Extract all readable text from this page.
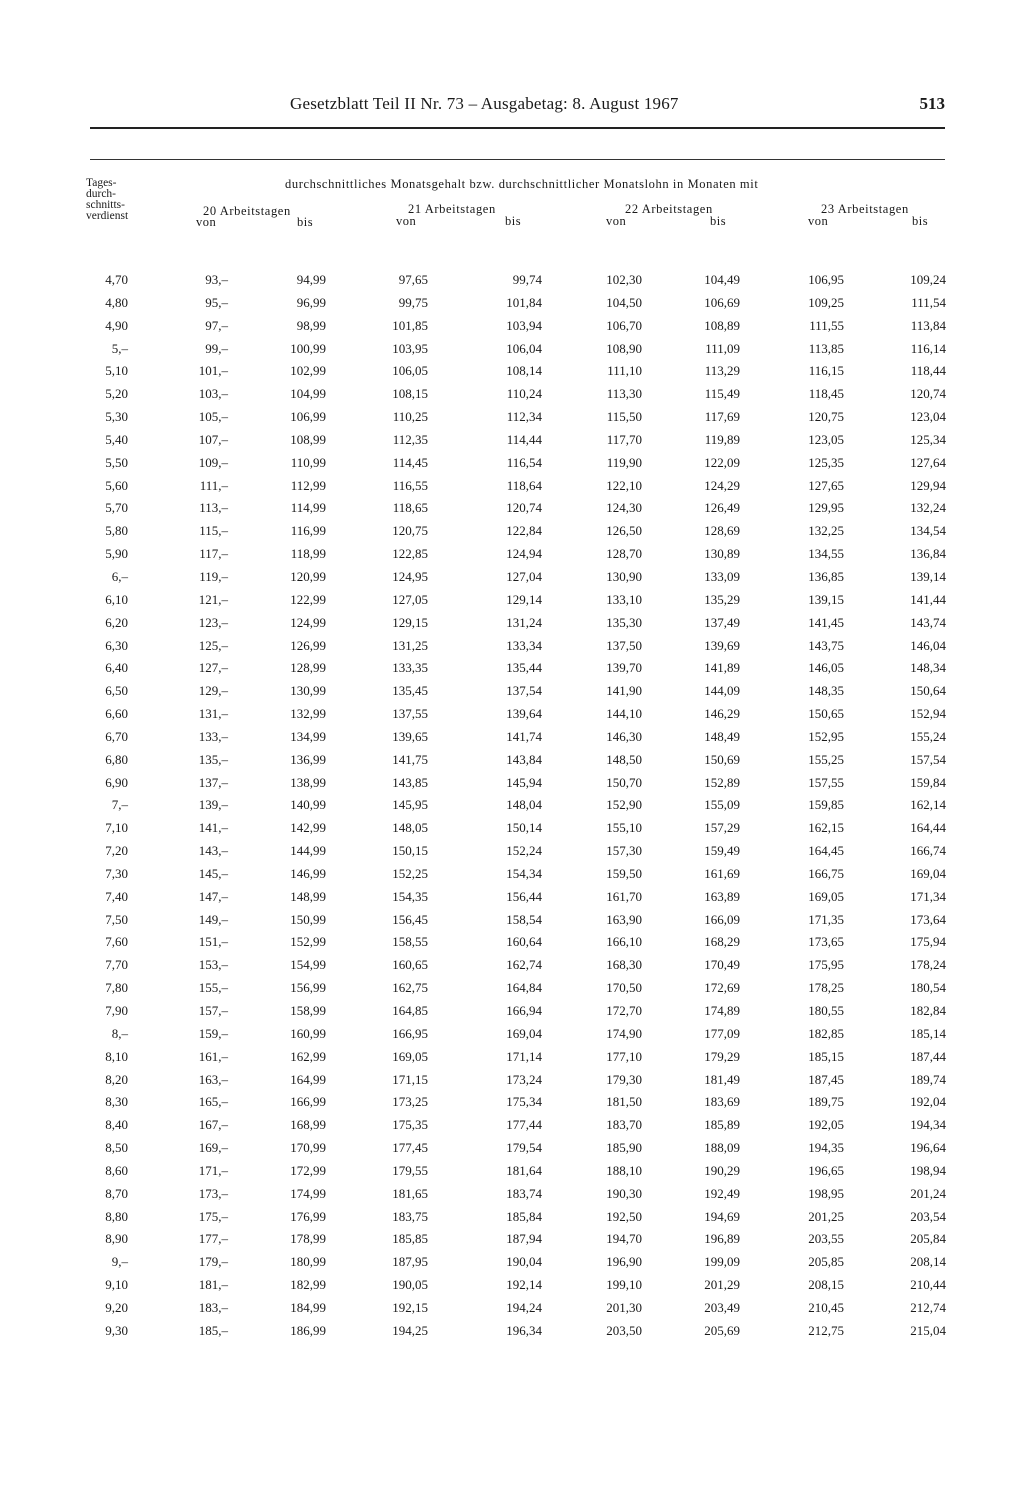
Gesetzblatt Teil II Nr. 73 – Ausgabetag: 8. August 1967	513
Tages-
durch-
schnitts-
verdienst
durchschnittliches Monatsgehalt bzw. durchschnittlicher Monatslohn in Monaten mit
20 Arbeitstagen
von	bis
21 Arbeitstagen
von	bis
22 Arbeitstagen
von	bis
23 Arbeitstagen
von	bis
4,70	93,–	94,99	97,65	99,74	102,30	104,49	106,95	109,24
4,80	95,–	96,99	99,75	101,84	104,50	106,69	109,25	111,54
4,90	97,–	98,99	101,85	103,94	106,70	108,89	111,55	113,84
5,–	99,–	100,99	103,95	106,04	108,90	111,09	113,85	116,14
5,10	101,–	102,99	106,05	108,14	111,10	113,29	116,15	118,44
5,20	103,–	104,99	108,15	110,24	113,30	115,49	118,45	120,74
5,30	105,–	106,99	110,25	112,34	115,50	117,69	120,75	123,04
5,40	107,–	108,99	112,35	114,44	117,70	119,89	123,05	125,34
5,50	109,–	110,99	114,45	116,54	119,90	122,09	125,35	127,64
5,60	111,–	112,99	116,55	118,64	122,10	124,29	127,65	129,94
5,70	113,–	114,99	118,65	120,74	124,30	126,49	129,95	132,24
5,80	115,–	116,99	120,75	122,84	126,50	128,69	132,25	134,54
5,90	117,–	118,99	122,85	124,94	128,70	130,89	134,55	136,84
6,–	119,–	120,99	124,95	127,04	130,90	133,09	136,85	139,14
6,10	121,–	122,99	127,05	129,14	133,10	135,29	139,15	141,44
6,20	123,–	124,99	129,15	131,24	135,30	137,49	141,45	143,74
6,30	125,–	126,99	131,25	133,34	137,50	139,69	143,75	146,04
6,40	127,–	128,99	133,35	135,44	139,70	141,89	146,05	148,34
6,50	129,–	130,99	135,45	137,54	141,90	144,09	148,35	150,64
6,60	131,–	132,99	137,55	139,64	144,10	146,29	150,65	152,94
6,70	133,–	134,99	139,65	141,74	146,30	148,49	152,95	155,24
6,80	135,–	136,99	141,75	143,84	148,50	150,69	155,25	157,54
6,90	137,–	138,99	143,85	145,94	150,70	152,89	157,55	159,84
7,–	139,–	140,99	145,95	148,04	152,90	155,09	159,85	162,14
7,10	141,–	142,99	148,05	150,14	155,10	157,29	162,15	164,44
7,20	143,–	144,99	150,15	152,24	157,30	159,49	164,45	166,74
7,30	145,–	146,99	152,25	154,34	159,50	161,69	166,75	169,04
7,40	147,–	148,99	154,35	156,44	161,70	163,89	169,05	171,34
7,50	149,–	150,99	156,45	158,54	163,90	166,09	171,35	173,64
7,60	151,–	152,99	158,55	160,64	166,10	168,29	173,65	175,94
7,70	153,–	154,99	160,65	162,74	168,30	170,49	175,95	178,24
7,80	155,–	156,99	162,75	164,84	170,50	172,69	178,25	180,54
7,90	157,–	158,99	164,85	166,94	172,70	174,89	180,55	182,84
8,–	159,–	160,99	166,95	169,04	174,90	177,09	182,85	185,14
8,10	161,–	162,99	169,05	171,14	177,10	179,29	185,15	187,44
8,20	163,–	164,99	171,15	173,24	179,30	181,49	187,45	189,74
8,30	165,–	166,99	173,25	175,34	181,50	183,69	189,75	192,04
8,40	167,–	168,99	175,35	177,44	183,70	185,89	192,05	194,34
8,50	169,–	170,99	177,45	179,54	185,90	188,09	194,35	196,64
8,60	171,–	172,99	179,55	181,64	188,10	190,29	196,65	198,94
8,70	173,–	174,99	181,65	183,74	190,30	192,49	198,95	201,24
8,80	175,–	176,99	183,75	185,84	192,50	194,69	201,25	203,54
8,90	177,–	178,99	185,85	187,94	194,70	196,89	203,55	205,84
9,–	179,–	180,99	187,95	190,04	196,90	199,09	205,85	208,14
9,10	181,–	182,99	190,05	192,14	199,10	201,29	208,15	210,44
9,20	183,–	184,99	192,15	194,24	201,30	203,49	210,45	212,74
9,30	185,–	186,99	194,25	196,34	203,50	205,69	212,75	215,04
